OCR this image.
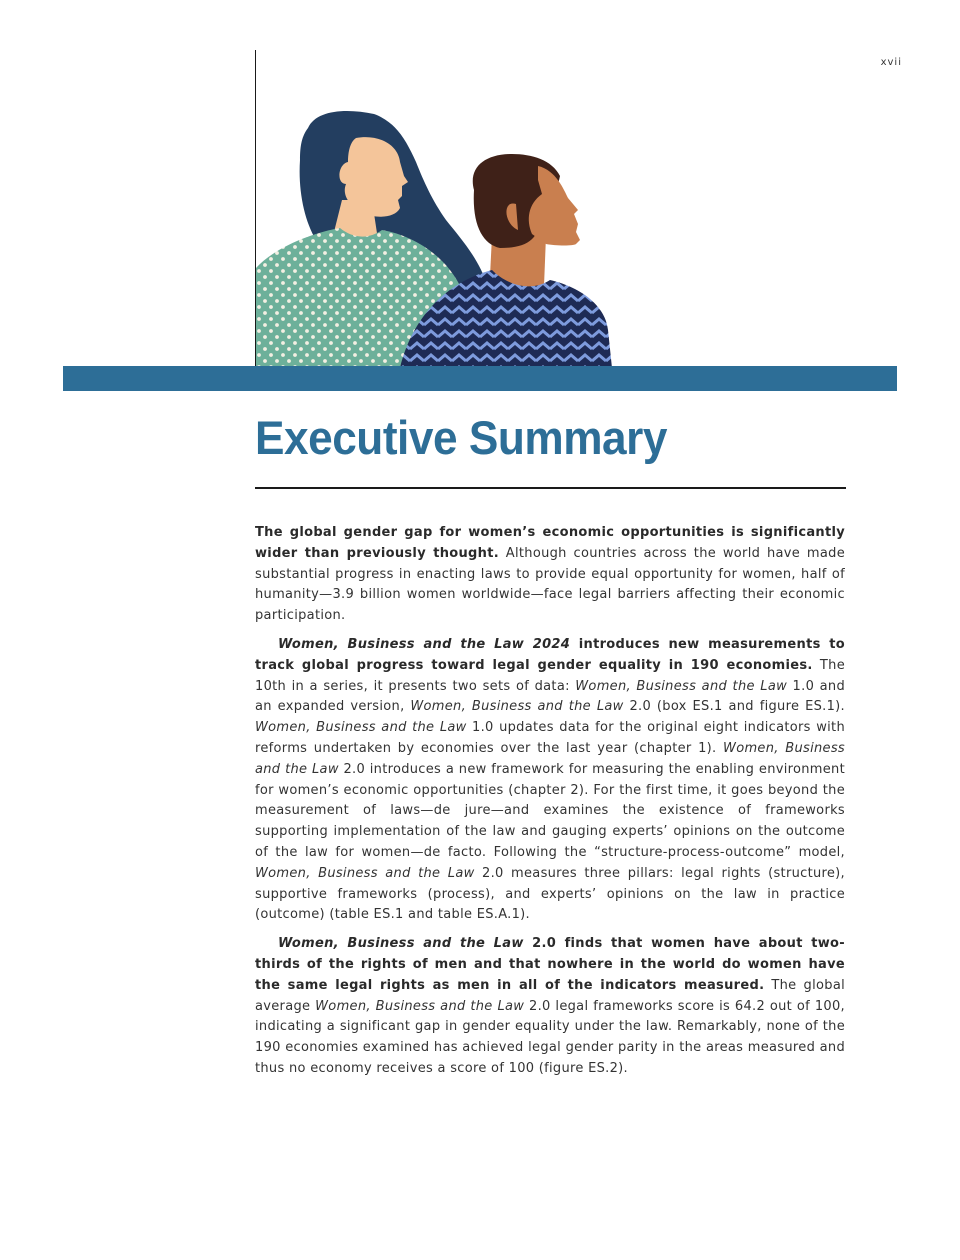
xvii
Executive Summary

The global gender gap for women’s economic opportunities is significantly wider than previously thought. Although countries across the world have made substantial progress in enacting laws to provide equal opportunity for women, half of humanity—3.9 billion women worldwide—face legal barriers affecting their economic participation.

Women, Business and the Law 2024 introduces new measurements to track global progress toward legal gender equality in 190 economies. The 10th in a series, it presents two sets of data: Women, Business and the Law 1.0 and an expanded version, Women, Business and the Law 2.0 (box ES.1 and figure ES.1). Women, Business and the Law 1.0 updates data for the original eight indicators with reforms undertaken by economies over the last year (chapter 1). Women, Business and the Law 2.0 introduces a new framework for measuring the enabling environment for women’s economic opportunities (chapter 2). For the first time, it goes beyond the measurement of laws—de jure—and examines the existence of frameworks supporting implementation of the law and gauging experts’ opinions on the outcome of the law for women—de facto. Following the “structure-process-outcome” model, Women, Business and the Law 2.0 measures three pillars: legal rights (structure), supportive frameworks (process), and experts’ opinions on the law in practice (outcome) (table ES.1 and table ES.A.1).

Women, Business and the Law 2.0 finds that women have about two-thirds of the rights of men and that nowhere in the world do women have the same legal rights as men in all of the indicators measured. The global average Women, Business and the Law 2.0 legal frameworks score is 64.2 out of 100, indicating a significant gap in gender equality under the law. Remarkably, none of the 190 economies examined has achieved legal gender parity in the areas measured and thus no economy receives a score of 100 (figure ES.2).
